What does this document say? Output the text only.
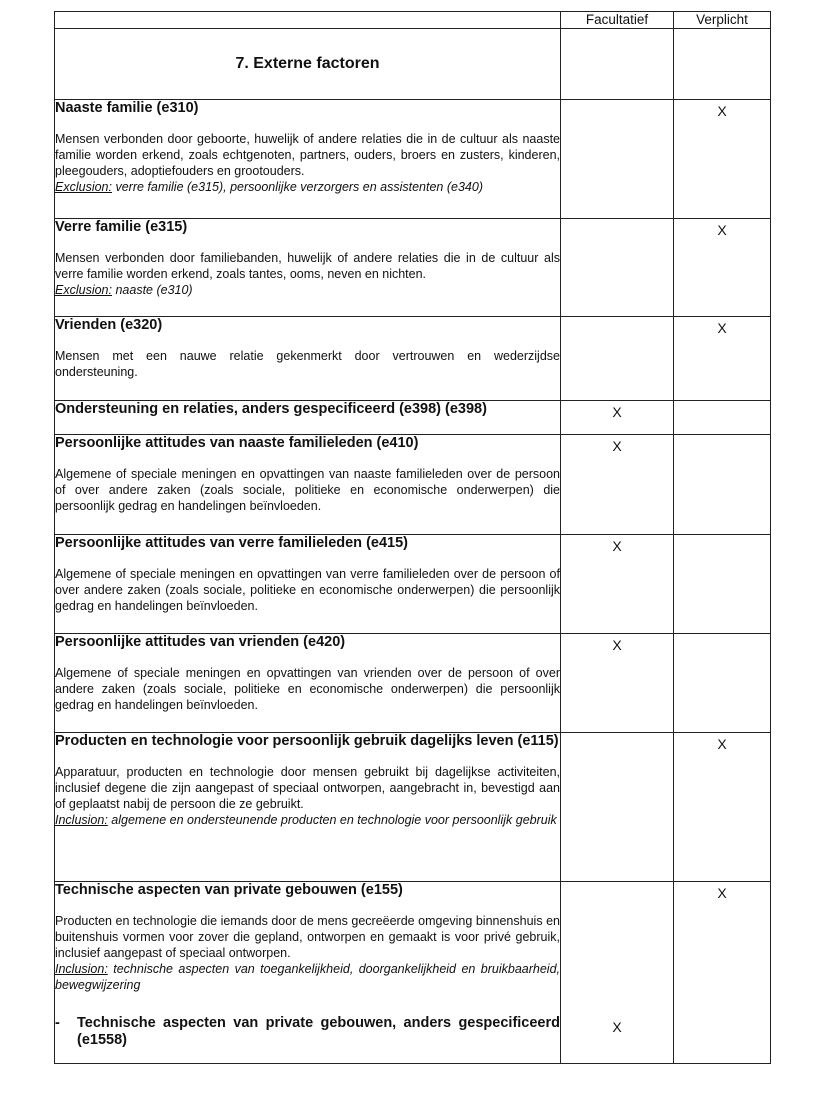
	Facultatief	Verplicht
7. Externe factoren		

Naaste familie (e310)

Mensen verbonden door geboorte, huwelijk of andere relaties die in de cultuur als naaste familie worden erkend, zoals echtgenoten, partners, ouders, broers en zusters, kinderen, pleegouders, adoptiefouders en grootouders.

Exclusion: verre familie (e315), persoonlijke verzorgers en assistenten (e340)		X

Verre familie (e315)

Mensen verbonden door familiebanden, huwelijk of andere relaties die in de cultuur als verre familie worden erkend, zoals tantes, ooms, neven en nichten.

Exclusion: naaste (e310)		X

Vrienden (e320)

Mensen met een nauwe relatie gekenmerkt door vertrouwen en wederzijdse ondersteuning.		X

Ondersteuning en relaties, anders gespecificeerd (e398) (e398)	X	

Persoonlijke attitudes van naaste familieleden (e410)

Algemene of speciale meningen en opvattingen van naaste familieleden over de persoon of over andere zaken (zoals sociale, politieke en economische onderwerpen) die persoonlijk gedrag en handelingen beïnvloeden.	X	

Persoonlijke attitudes van verre familieleden (e415)

Algemene of speciale meningen en opvattingen van verre familieleden over de persoon of over andere zaken (zoals sociale, politieke en economische onderwerpen) die persoonlijk gedrag en handelingen beïnvloeden.	X	

Persoonlijke attitudes van vrienden (e420)

Algemene of speciale meningen en opvattingen van vrienden over de persoon of over andere zaken (zoals sociale, politieke en economische onderwerpen) die persoonlijk gedrag en handelingen beïnvloeden.	X	

Producten en technologie voor persoonlijk gebruik dagelijks leven (e115)

Apparatuur, producten en technologie door mensen gebruikt bij dagelijkse activiteiten, inclusief degene die zijn aangepast of speciaal ontworpen, aangebracht in, bevestigd aan of geplaatst nabij de persoon die ze gebruikt.

Inclusion: algemene en ondersteunende producten en technologie voor persoonlijk gebruik		X

Technische aspecten van private gebouwen (e155)

Producten en technologie die iemands door de mens gecreëerde omgeving binnenshuis en buitenshuis vormen voor zover die gepland, ontworpen en gemaakt is voor privé gebruik, inclusief aangepast of speciaal ontworpen.

Inclusion: technische aspecten van toegankelijkheid, doorgankelijkheid en bruikbaarheid, bewegwijzering

- Technische aspecten van private gebouwen, anders gespecificeerd (e1558)	X	X
